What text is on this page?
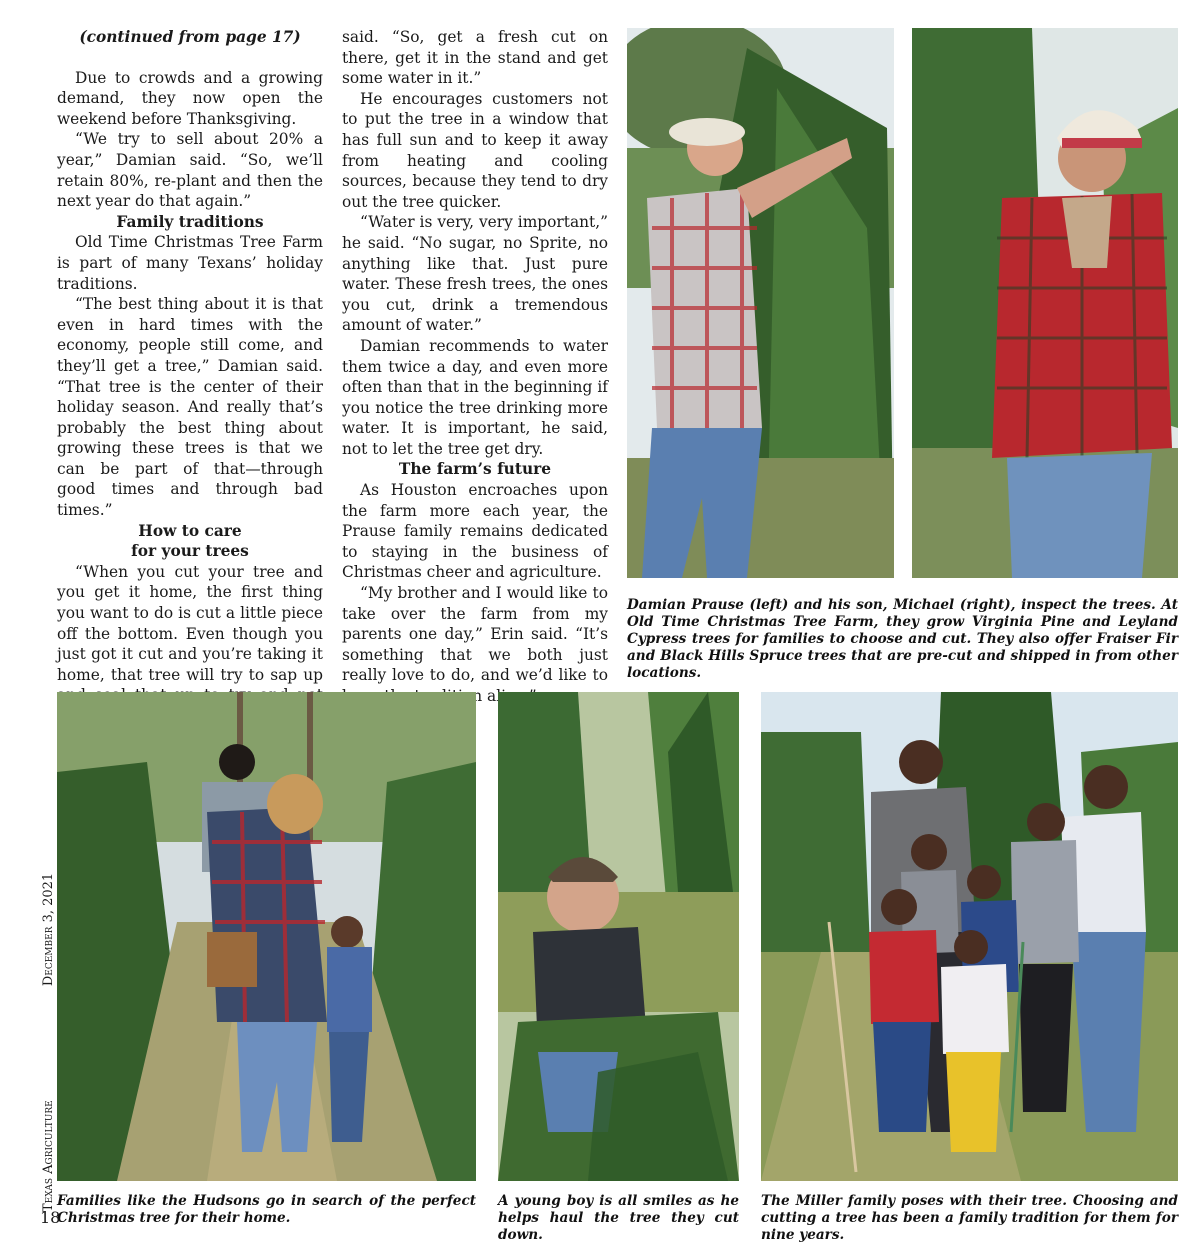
(continued from page 17)

Due to crowds and a growing demand, they now open the weekend before Thanksgiving.

“We try to sell about 20% a year,” Damian said. “So, we’ll retain 80%, re-plant and then the next year do that again.”

Family traditions

Old Time Christmas Tree Farm is part of many Texans’ holiday traditions.

“The best thing about it is that even in hard times with the economy, people still come, and they’ll get a tree,” Damian said. “That tree is the center of their holiday season. And really that’s probably the best thing about growing these trees is that we can be part of that—through good times and through bad times.”

How to care
for your trees

“When you cut your tree and you get it home, the first thing you want to do is cut a little piece off the bottom. Even though you just got it cut and you’re taking it home, that tree will try to sap up

said. “So, get a fresh cut on there, get it in the stand and get some water in it.”

He encourages customers not to put the tree in a window that has full sun and to keep it away from heating and cooling sources, because they tend to dry out the tree quicker.

“Water is very, very important,” he said. “No sugar, no Sprite, no anything like that. Just pure water. These fresh trees, the ones you cut, drink a tremendous amount of water.”

Damian recommends to water them twice a day, and even more often than that in the beginning if you notice the tree drinking more water. It is important, he said, not to let the tree get dry.

The farm’s future

As Houston encroaches upon the farm more each year, the Prause family remains dedicated to staying in the business of Christmas cheer and agriculture.

“My brother and I would like to take over the farm from my parents one day,” Erin said. “It’s something that we both just really love to do, and we’d like to

Damian Prause (left) and his son, Michael (right), inspect the trees. At Old Time Christmas Tree Farm, they grow Virginia Pine and Leyland Cypress trees for families to choose and cut. They also offer Fraiser Fir and Black Hills Spruce trees that are pre-cut and shipped in from other locations.
Families like the Hudsons go in search of the perfect Christmas tree for their home.
A young boy is all smiles as he helps haul the tree they cut down.
The Miller family poses with their tree. Choosing and cutting a tree has been a family tradition for them for nine years.
Texas Agriculture December 3, 2021
18
